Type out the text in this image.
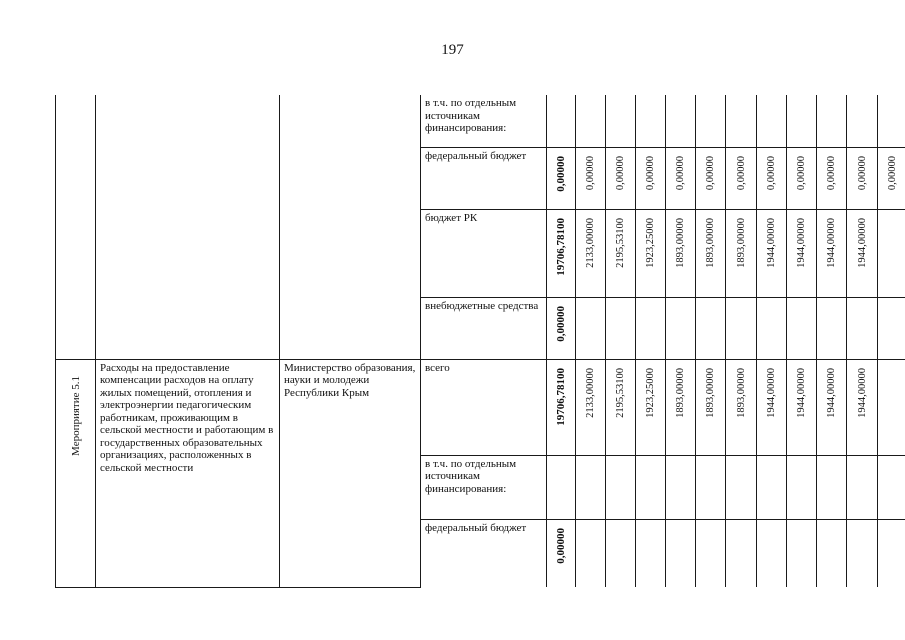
197

			в т.ч. по отдельным источникам финансирования:												

			федеральный бюджет	0,00000	0,00000	0,00000	0,00000	0,00000	0,00000	0,00000	0,00000	0,00000	0,00000	0,00000	0,00000

			бюджет РК	19706,78100	2133,00000	2195,53100	1923,25000	1893,00000	1893,00000	1893,00000	1944,00000	1944,00000	1944,00000	1944,00000	

			внебюджетные средства	0,00000											

Мероприятие 5.1	Расходы на предоставление компенсации расходов на оплату жилых помещений, отопления и электроэнергии педагогическим работникам, проживающим в сельской местности и работающим в государственных образовательных организациях, расположенных в сельской местности	Министерство образования, науки и молодежи Республики Крым	всего	19706,78100	2133,00000	2195,53100	1923,25000	1893,00000	1893,00000	1893,00000	1944,00000	1944,00000	1944,00000	1944,00000	

			в т.ч. по отдельным источникам финансирования:												

			федеральный бюджет	0,00000											
